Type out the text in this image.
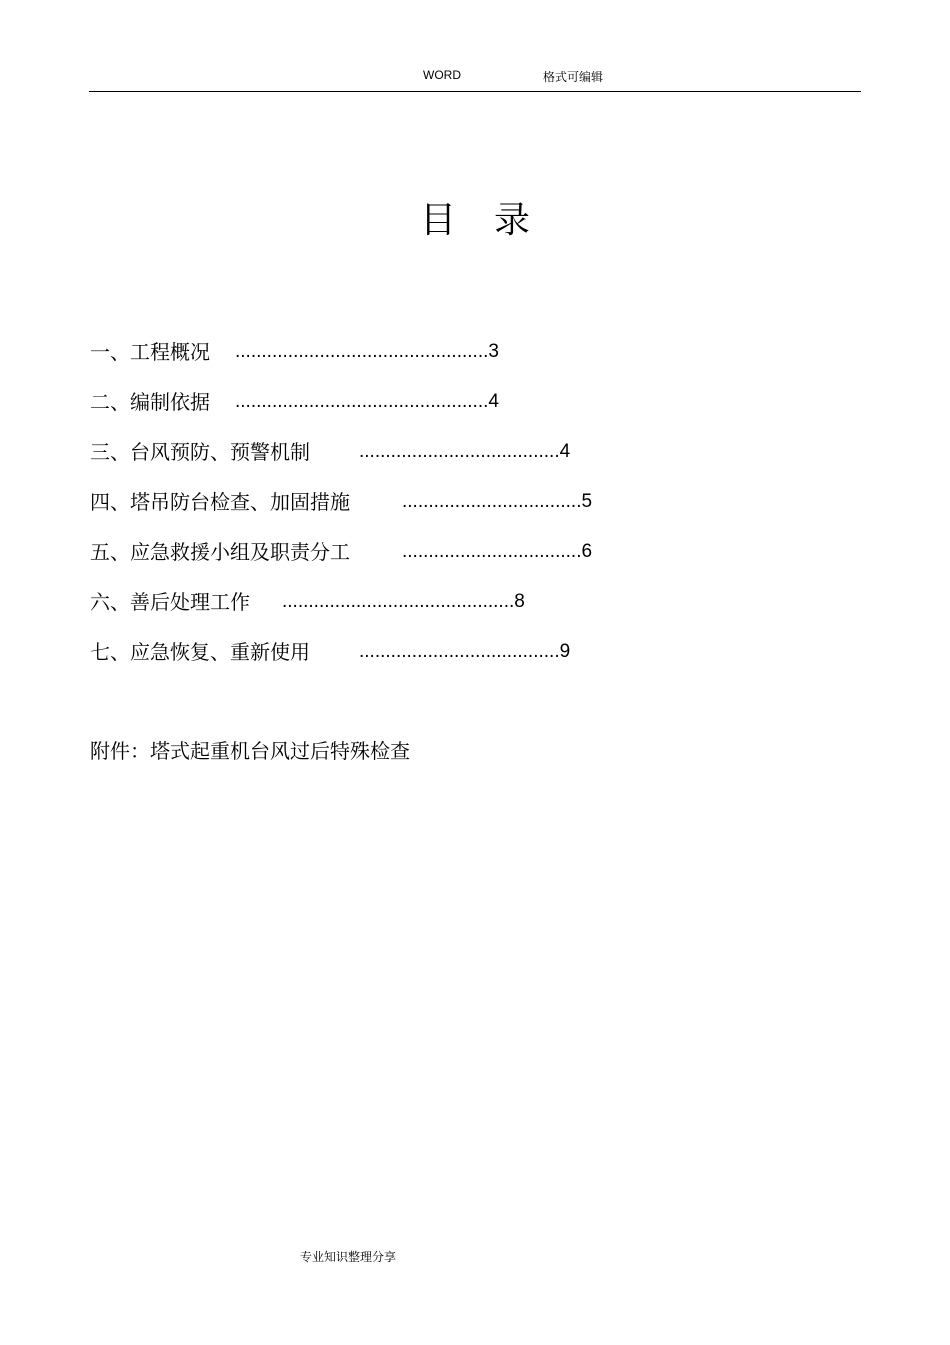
WORD	格式可编辑
目录
一、工程概况 ................................................3
二、编制依据 ................................................4
三、台风预防、预警机制	......................................4
四、塔吊防台检查、加固措施	..................................5
五、应急救援小组及职责分工	..................................6
六、善后处理工作 ............................................8
七、应急恢复、重新使用	......................................9
附件：塔式起重机台风过后特殊检查
专业知识整理分享
